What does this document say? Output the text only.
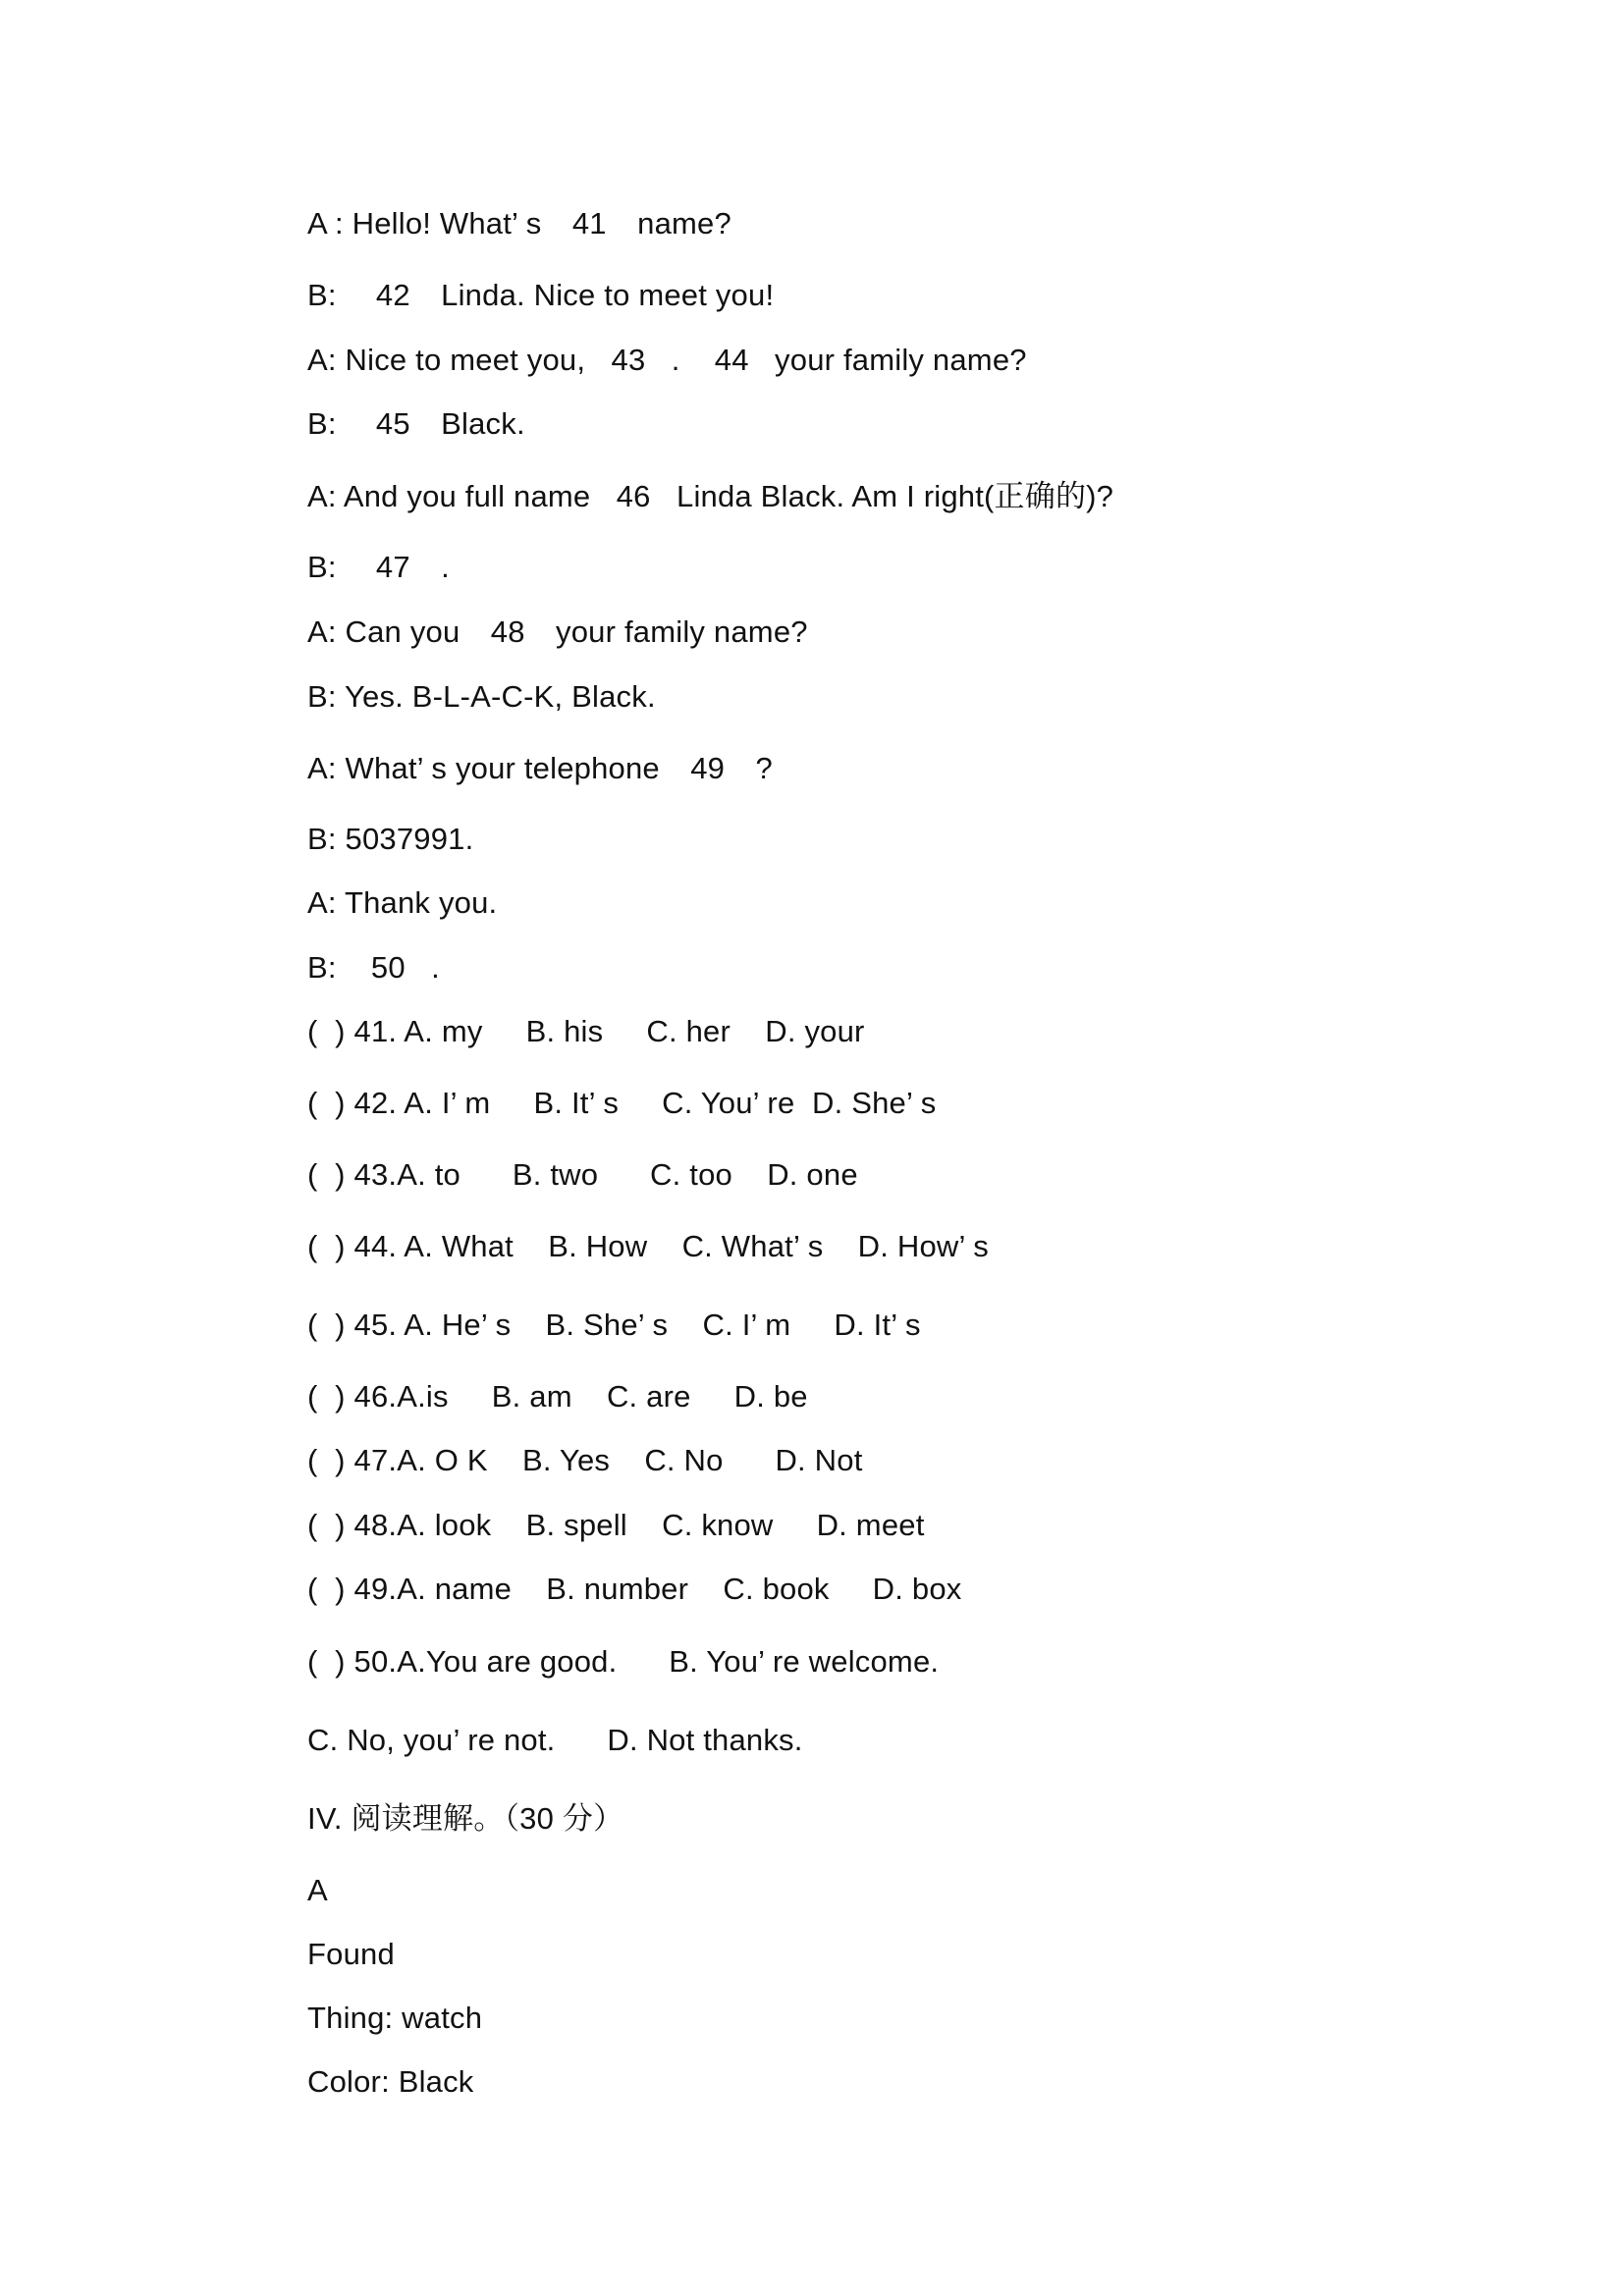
A : Hello! What’ s 41 name?
B:  42 Linda. Nice to meet you!
A: Nice to meet you, 43 .  44 your family name?
B:  45 Black.
A: And you full name 46 Linda Black. Am I right(正确的)?
B:  47 .
A: Can you 48 your family name?
B: Yes. B-L-A-C-K, Black.
A: What’ s your telephone 49 ?
B: 5037991.
A: Thank you.
B:  50 .
(  ) 41. A. my     B. his     C. her    D. your
(  ) 42. A. I’ m     B. It’ s     C. You’ re  D. She’ s
(  ) 43.A. to      B. two      C. too    D. one
(  ) 44. A. What    B. How    C. What’ s    D. How’ s
(  ) 45. A. He’ s    B. She’ s    C. I’ m     D. It’ s
(  ) 46.A.is     B. am    C. are     D. be
(  ) 47.A. O K    B. Yes    C. No      D. Not
(  ) 48.A. look    B. spell    C. know     D. meet
(  ) 49.A. name    B. number    C. book     D. box
(  ) 50.A.You are good.      B. You’ re welcome.
C. No, you’ re not.      D. Not thanks.
IV. 阅读理解。（30 分）
A
Found
Thing: watch
Color: Black
